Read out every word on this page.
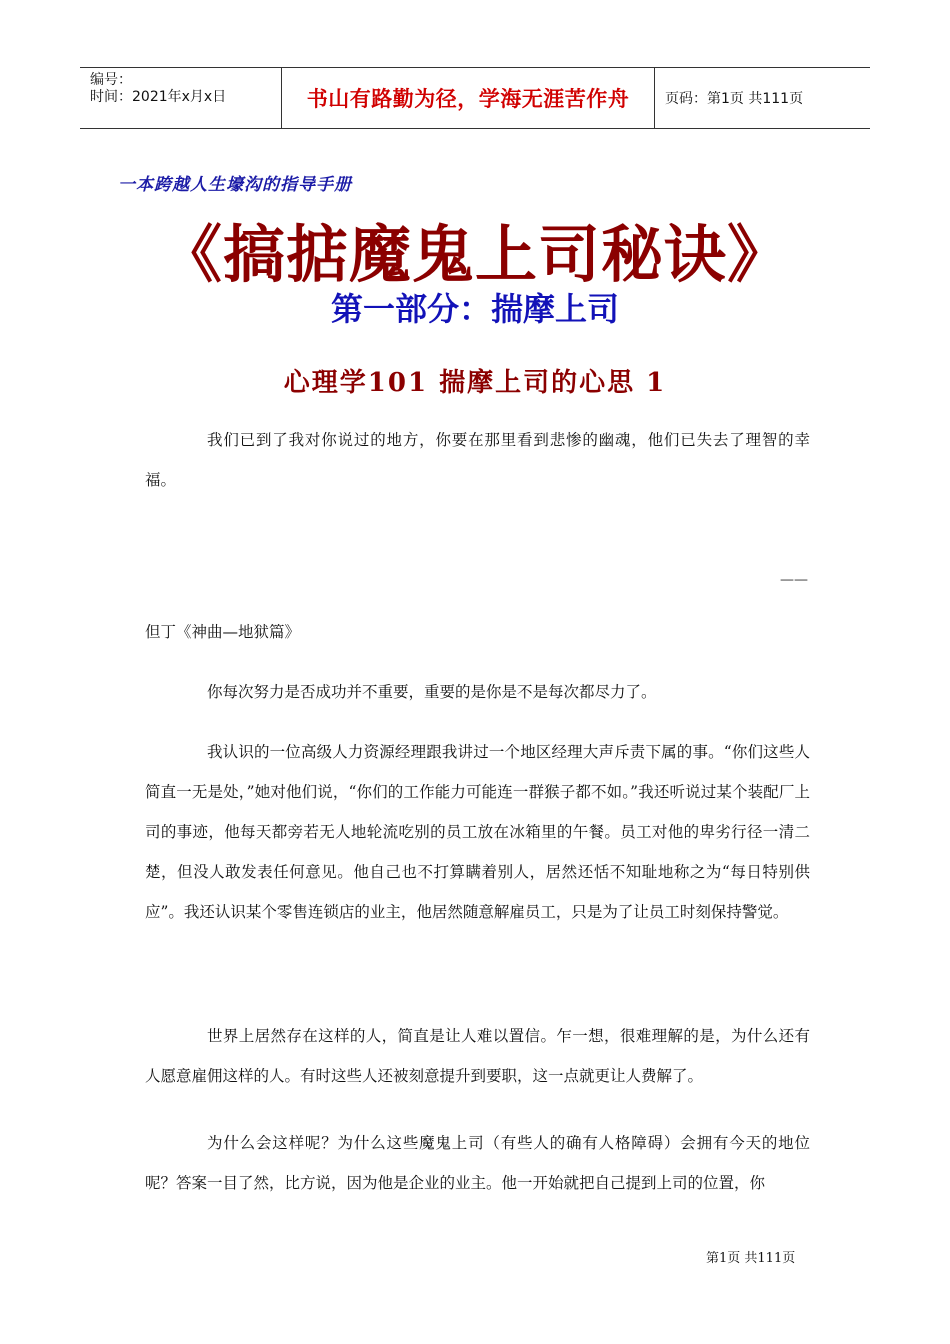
编号：
时间：2021年x月x日	书山有路勤为径，学海无涯苦作舟	页码：第1页 共111页
一本跨越人生壕沟的指导手册
《搞掂魔鬼上司秘诀》
第一部分：揣摩上司
心理学101 揣摩上司的心思 1

我们已到了我对你说过的地方，你要在那里看到悲惨的幽魂，他们已失去了理智的幸福。

——
但丁《神曲—地狱篇》

你每次努力是否成功并不重要，重要的是你是不是每次都尽力了。

我认识的一位高级人力资源经理跟我讲过一个地区经理大声斥责下属的事。“你们这些人简直一无是处，”她对他们说，“你们的工作能力可能连一群猴子都不如。”我还听说过某个装配厂上司的事迹，他每天都旁若无人地轮流吃别的员工放在冰箱里的午餐。员工对他的卑劣行径一清二楚，但没人敢发表任何意见。他自己也不打算瞒着别人，居然还恬不知耻地称之为“每日特别供应”。我还认识某个零售连锁店的业主，他居然随意解雇员工，只是为了让员工时刻保持警觉。

世界上居然存在这样的人，简直是让人难以置信。乍一想，很难理解的是，为什么还有人愿意雇佣这样的人。有时这些人还被刻意提升到要职，这一点就更让人费解了。

为什么会这样呢？为什么这些魔鬼上司（有些人的确有人格障碍）会拥有今天的地位呢？答案一目了然，比方说，因为他是企业的业主。他一开始就把自己提到上司的位置，你

第1页 共111页
